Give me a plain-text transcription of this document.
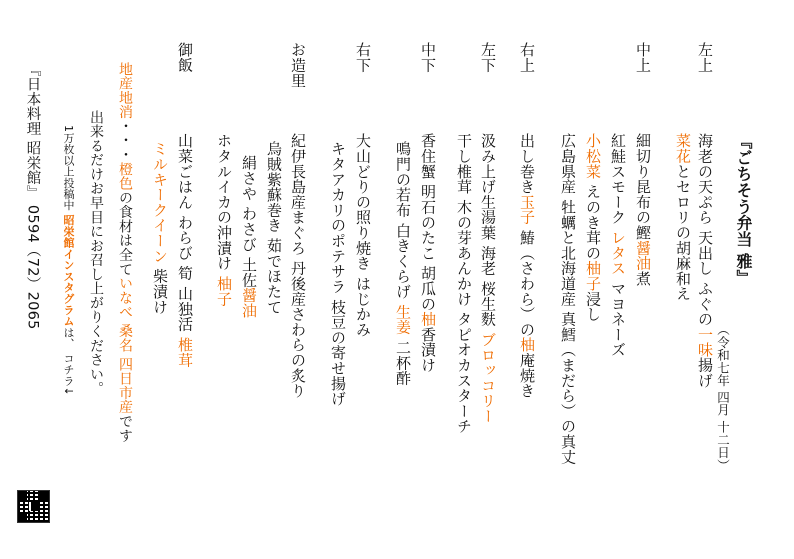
『ごちそう弁当 雅』
（令和七年 四月 十二日）
左上
中上
右上
左下
中下
右下
お造里
御飯
海老の天ぷら 天出し ふぐの一味揚げ
菜花とセロリの胡麻和え
細切り昆布の鰹醤油煮
紅鮭スモーク レタス マヨネーズ
小松菜 えのき茸の柚子浸し
広島県産 牡蠣と北海道産 真鱈（まだら）の真丈
出し巻き玉子 鰆（さわら）の柚庵焼き
汲み上げ生湯葉 海老 桜生麩 ブロッコリー
干し椎茸 木の芽あんかけ タピオカスターチ
香住蟹 明石のたこ 胡瓜の柚香漬け
鳴門の若布 白きくらげ 生姜 二杯酢
大山どりの照り焼き はじかみ
キタアカリのポテサラ 枝豆の寄せ揚げ
紀伊長島産まぐろ 丹後産さわらの炙り
烏賊紫蘇巻き 茹でほたて
絹さや わさび 土佐醤油
ホタルイカの沖漬け 柚子
山菜ごはん わらび 筍 山独活 椎茸
ミルキークイーン 柴漬け
地産地消・・・橙色の食材は全ていなべ 桑名 四日市産です
出来るだけお早目にお召し上がりください。
1万枚以上投稿中 昭栄館インスタグラムは、 コチラ↓
『日本料理 昭栄館』 0594（72）2065
